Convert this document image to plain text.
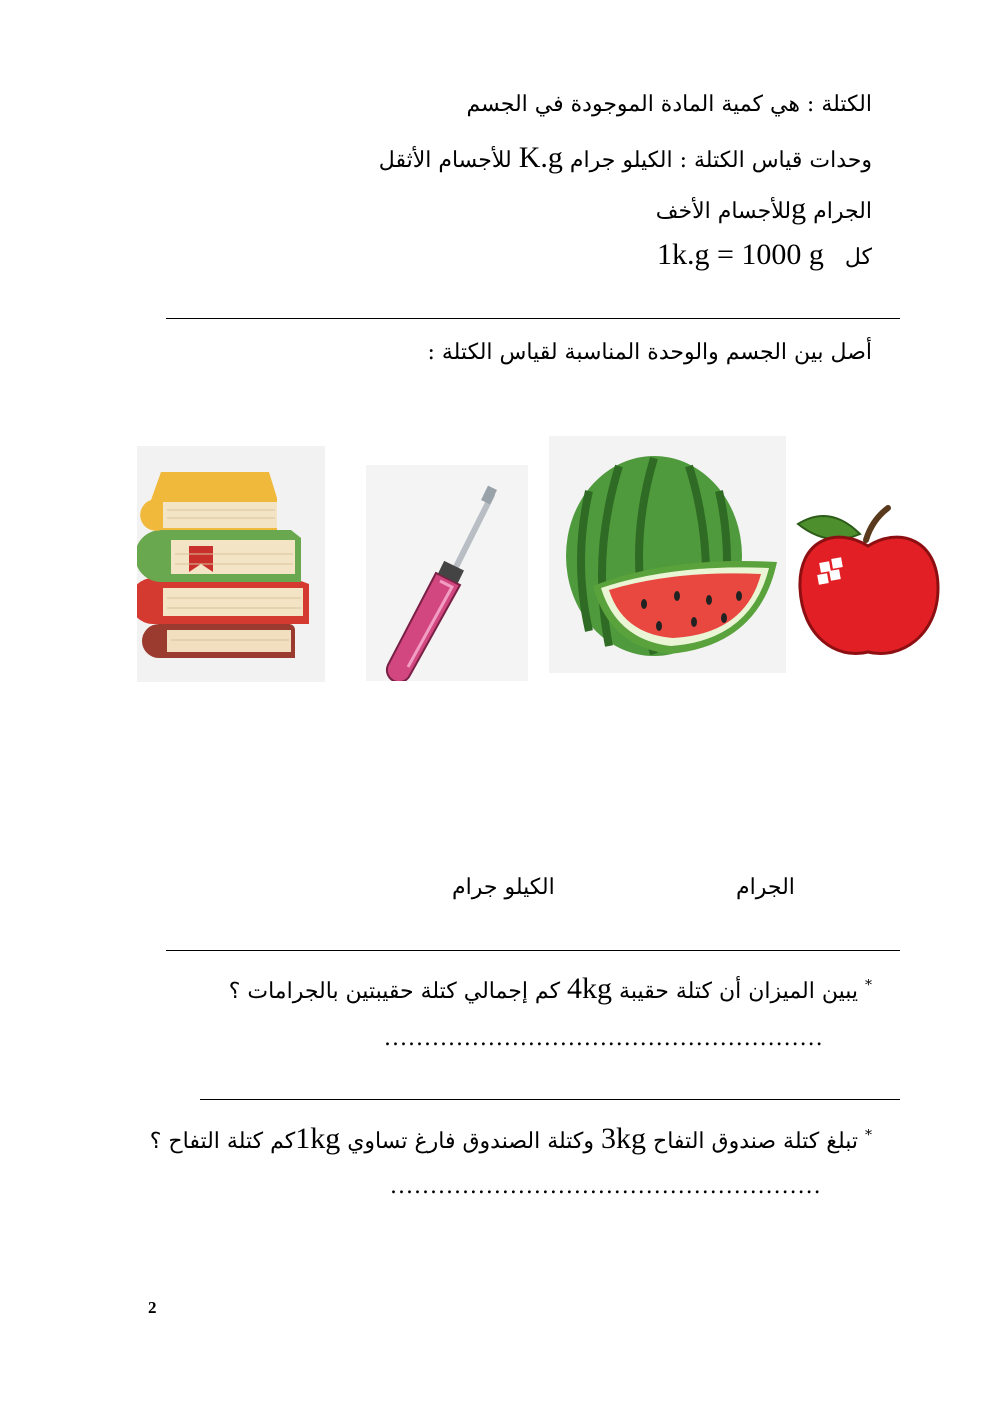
الكتلة : هي كمية المادة الموجودة في الجسم
وحدات قياس الكتلة : الكيلو جرام K.g للأجسام الأثقل
الجرام gللأجسام الأخف
كل 1k.g = 1000 g
أصل بين الجسم والوحدة المناسبة لقياس الكتلة :
الجرام
الكيلو جرام
* يبين الميزان أن كتلة حقيبة 4kg كم إجمالي كتلة حقيبتين بالجرامات ؟
.......................................................
* تبلغ كتلة صندوق التفاح 3kg وكتلة الصندوق فارغ تساوي 1kgكم كتلة التفاح ؟
......................................................
2
